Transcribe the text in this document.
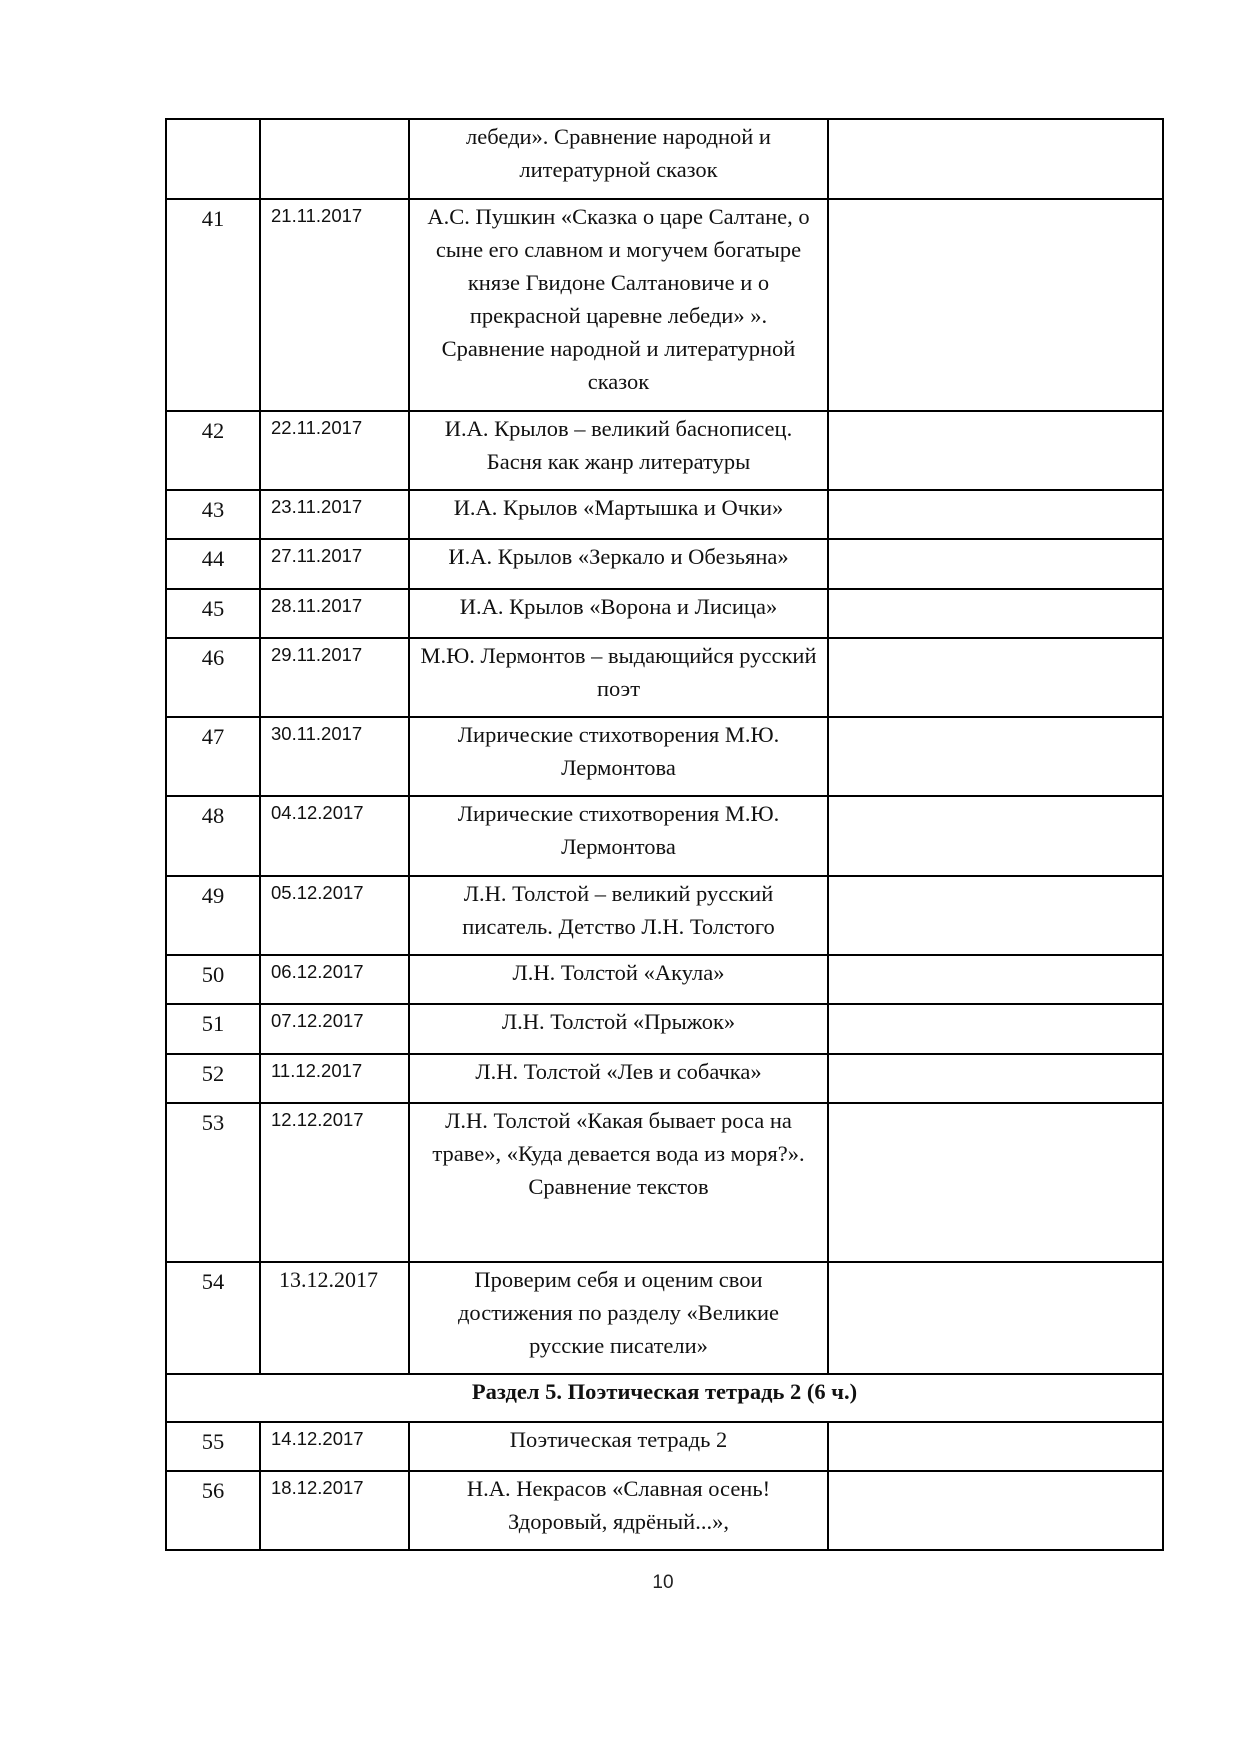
		лебеди». Сравнение народной и литературной сказок	
41	21.11.2017	А.С. Пушкин «Сказка о царе Салтане, о сыне его славном и могучем богатыре князе Гвидоне Салтановиче и о прекрасной царевне лебеди» ». Сравнение народной и литературной сказок	
42	22.11.2017	И.А. Крылов – великий баснописец. Басня как жанр литературы	
43	23.11.2017	И.А. Крылов «Мартышка и Очки»	
44	27.11.2017	И.А. Крылов «Зеркало и Обезьяна»	
45	28.11.2017	И.А. Крылов «Ворона и Лисица»	
46	29.11.2017	М.Ю. Лермонтов – выдающийся русский поэт	
47	30.11.2017	Лирические стихотворения М.Ю. Лермонтова	
48	04.12.2017	Лирические стихотворения М.Ю. Лермонтова	
49	05.12.2017	Л.Н. Толстой – великий русский писатель. Детство Л.Н. Толстого	
50	06.12.2017	Л.Н. Толстой «Акула»	
51	07.12.2017	Л.Н. Толстой «Прыжок»	
52	11.12.2017	Л.Н. Толстой «Лев и собачка»	
53	12.12.2017	Л.Н. Толстой «Какая бывает роса на траве», «Куда девается вода из моря?». Сравнение текстов	
54	13.12.2017	Проверим себя и оценим свои достижения по разделу «Великие русские писатели»	
Раздел 5. Поэтическая тетрадь 2 (6 ч.)			
55	14.12.2017	Поэтическая тетрадь 2	
56	18.12.2017	Н.А. Некрасов «Славная осень! Здоровый, ядрёный...»,	
10
